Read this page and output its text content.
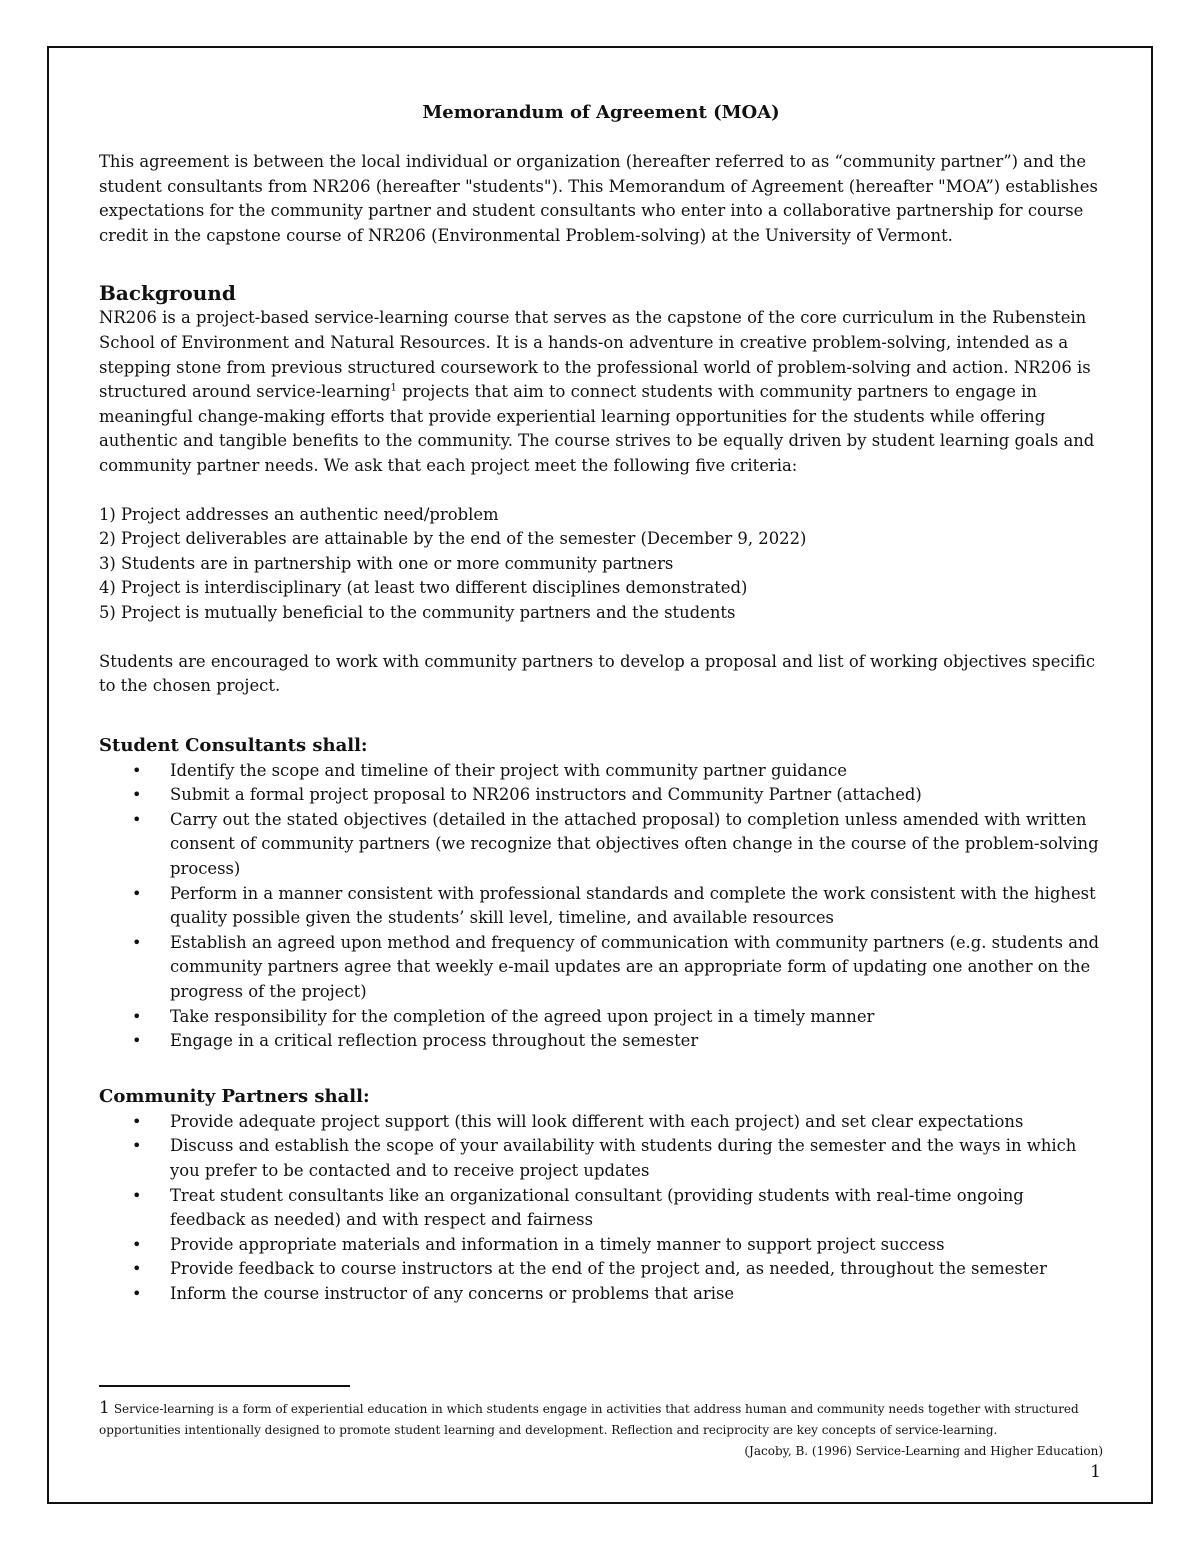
Memorandum of Agreement (MOA)

This agreement is between the local individual or organization (hereafter referred to as “community partner”) and the student consultants from NR206 (hereafter "students"). This Memorandum of Agreement (hereafter "MOA”) establishes expectations for the community partner and student consultants who enter into a collaborative partnership for course credit in the capstone course of NR206 (Environmental Problem-solving) at the University of Vermont.

Background

NR206 is a project-based service-learning course that serves as the capstone of the core curriculum in the Rubenstein School of Environment and Natural Resources. It is a hands-on adventure in creative problem-solving, intended as a stepping stone from previous structured coursework to the professional world of problem-solving and action. NR206 is structured around service-learning$^1$ projects that aim to connect students with community partners to engage in meaningful change-making efforts that provide experiential learning opportunities for the students while offering authentic and tangible benefits to the community. The course strives to be equally driven by student learning goals and community partner needs. We ask that each project meet the following five criteria:

1) Project addresses an authentic need/problem
2) Project deliverables are attainable by the end of the semester (December 9, 2022)
3) Students are in partnership with one or more community partners
4) Project is interdisciplinary (at least two different disciplines demonstrated)
5) Project is mutually beneficial to the community partners and the students

Students are encouraged to work with community partners to develop a proposal and list of working objectives specific to the chosen project.

Student Consultants shall:
• Identify the scope and timeline of their project with community partner guidance
• Submit a formal project proposal to NR206 instructors and Community Partner (attached)
• Carry out the stated objectives (detailed in the attached proposal) to completion unless amended with written consent of community partners (we recognize that objectives often change in the course of the problem-solving process)
• Perform in a manner consistent with professional standards and complete the work consistent with the highest quality possible given the students’ skill level, timeline, and available resources
• Establish an agreed upon method and frequency of communication with community partners (e.g. students and community partners agree that weekly e-mail updates are an appropriate form of updating one another on the progress of the project)
• Take responsibility for the completion of the agreed upon project in a timely manner
• Engage in a critical reflection process throughout the semester
Community Partners shall:
• Provide adequate project support (this will look different with each project) and set clear expectations
• Discuss and establish the scope of your availability with students during the semester and the ways in which you prefer to be contacted and to receive project updates
• Treat student consultants like an organizational consultant (providing students with real-time ongoing feedback as needed) and with respect and fairness
• Provide appropriate materials and information in a timely manner to support project success
• Provide feedback to course instructors at the end of the project and, as needed, throughout the semester
• Inform the course instructor of any concerns or problems that arise
1 Service-learning is a form of experiential education in which students engage in activities that address human and community needs together with structured opportunities intentionally designed to promote student learning and development. Reflection and reciprocity are key concepts of service-learning.
(Jacoby, B. (1996) Service-Learning and Higher Education)
1
